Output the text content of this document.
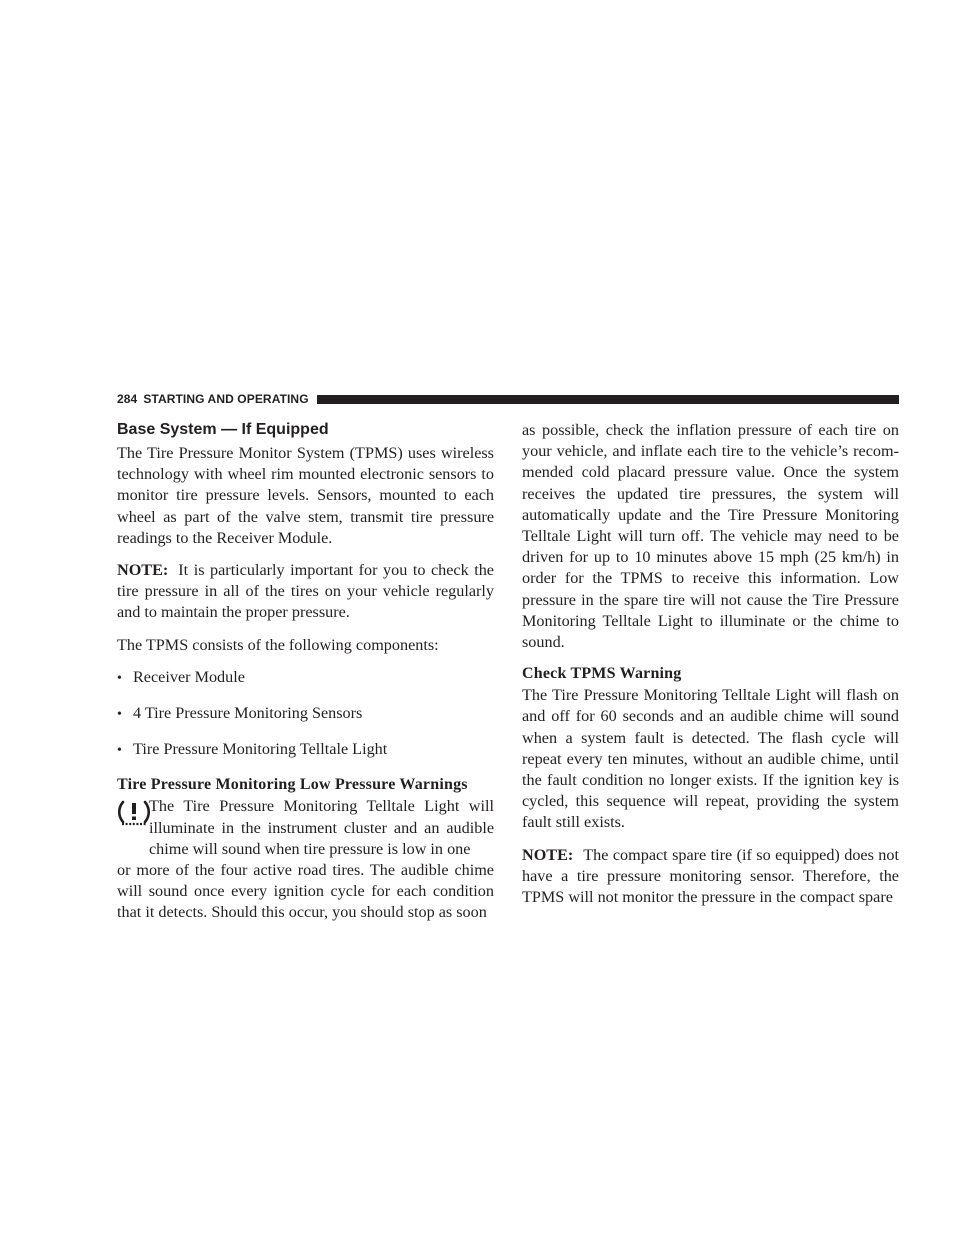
284 STARTING AND OPERATING
Base System — If Equipped

The Tire Pressure Monitor System (TPMS) uses wireless technology with wheel rim mounted electronic sensors to monitor tire pressure levels. Sensors, mounted to each wheel as part of the valve stem, transmit tire pressure readings to the Receiver Module.

NOTE: It is particularly important for you to check the tire pressure in all of the tires on your vehicle regularly and to maintain the proper pressure.

The TPMS consists of the following components:

• Receiver Module
• 4 Tire Pressure Monitoring Sensors
• Tire Pressure Monitoring Telltale Light
Tire Pressure Monitoring Low Pressure Warnings

The Tire Pressure Monitoring Telltale Light will illuminate in the instrument cluster and an audible chime will sound when tire pressure is low in one

or more of the four active road tires. The audible chime will sound once every ignition cycle for each condition that it detects. Should this occur, you should stop as soon

as possible, check the inflation pressure of each tire on your vehicle, and inflate each tire to the vehicle’s recom-mended cold placard pressure value. Once the system receives the updated tire pressures, the system will automatically update and the Tire Pressure Monitoring Telltale Light will turn off. The vehicle may need to be driven for up to 10 minutes above 15 mph (25 km/h) in order for the TPMS to receive this information. Low pressure in the spare tire will not cause the Tire Pressure Monitoring Telltale Light to illuminate or the chime to sound.

Check TPMS Warning

The Tire Pressure Monitoring Telltale Light will flash on and off for 60 seconds and an audible chime will sound when a system fault is detected. The flash cycle will repeat every ten minutes, without an audible chime, until the fault condition no longer exists. If the ignition key is cycled, this sequence will repeat, providing the system fault still exists.

NOTE: The compact spare tire (if so equipped) does not have a tire pressure monitoring sensor. Therefore, the TPMS will not monitor the pressure in the compact spare
